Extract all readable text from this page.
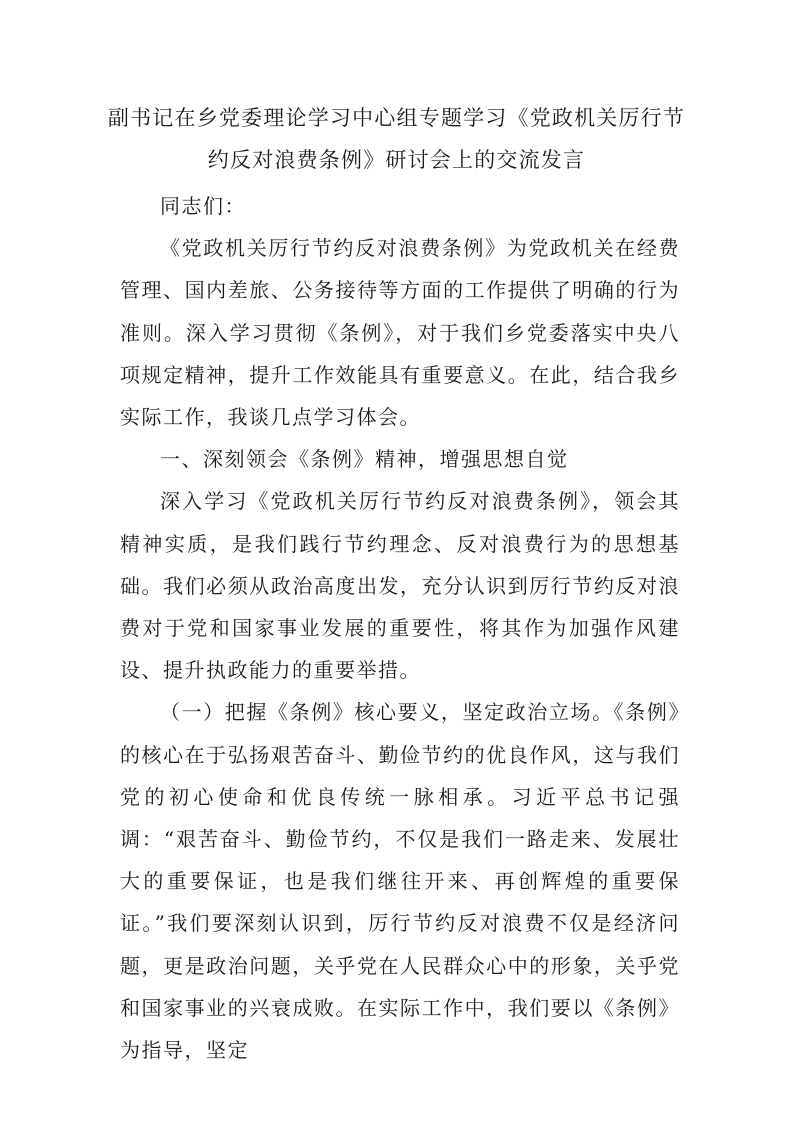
副书记在乡党委理论学习中心组专题学习《党政机关厉行节
约反对浪费条例》研讨会上的交流发言

同志们：

《党政机关厉行节约反对浪费条例》为党政机关在经费管理、国内差旅、公务接待等方面的工作提供了明确的行为准则。深入学习贯彻《条例》，对于我们乡党委落实中央八项规定精神，提升工作效能具有重要意义。在此，结合我乡实际工作，我谈几点学习体会。

一、深刻领会《条例》精神，增强思想自觉

深入学习《党政机关厉行节约反对浪费条例》，领会其精神实质，是我们践行节约理念、反对浪费行为的思想基础。我们必须从政治高度出发，充分认识到厉行节约反对浪费对于党和国家事业发展的重要性，将其作为加强作风建设、提升执政能力的重要举措。

（一）把握《条例》核心要义，坚定政治立场。《条例》的核心在于弘扬艰苦奋斗、勤俭节约的优良作风，这与我们党的初心使命和优良传统一脉相承。习近平总书记强调：“艰苦奋斗、勤俭节约，不仅是我们一路走来、发展壮大的重要保证，也是我们继往开来、再创辉煌的重要保证。”我们要深刻认识到，厉行节约反对浪费不仅是经济问题，更是政治问题，关乎党在人民群众心中的形象，关乎党和国家事业的兴衰成败。在实际工作中，我们要以《条例》为指导，坚定
